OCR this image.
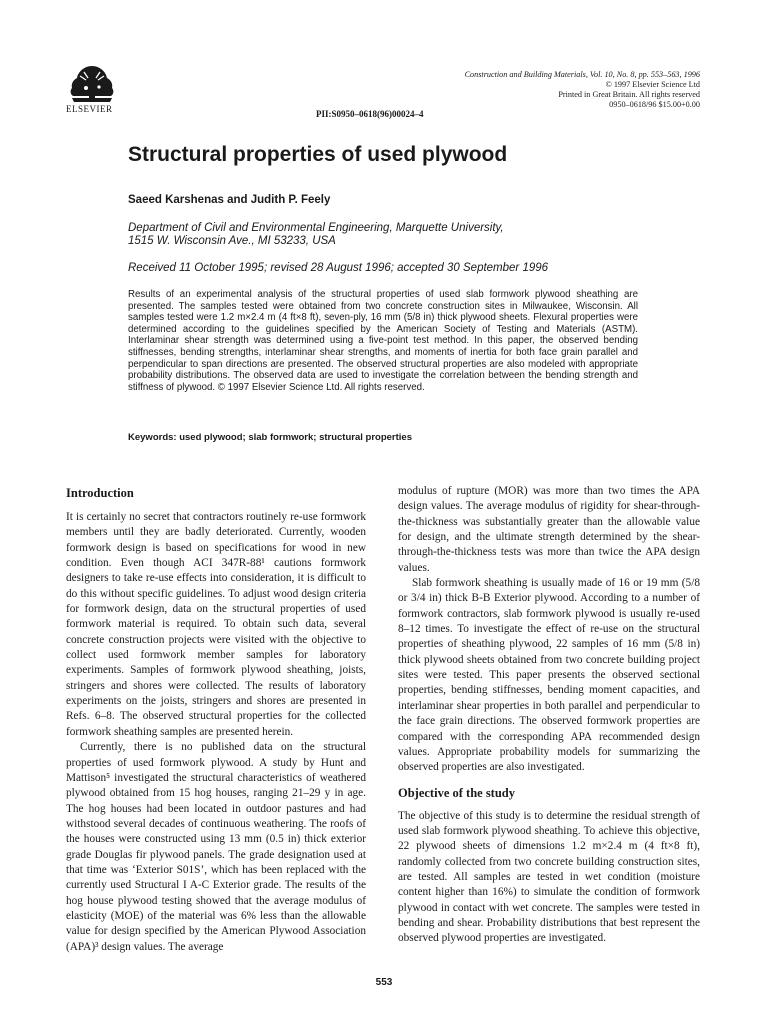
ELSEVIER
Construction and Building Materials, Vol. 10, No. 8, pp. 553–563, 1996
© 1997 Elsevier Science Ltd
Printed in Great Britain. All rights reserved
0950–0618/96 $15.00+0.00
PII:S0950–0618(96)00024–4
Structural properties of used plywood
Saeed Karshenas and Judith P. Feely
Department of Civil and Environmental Engineering, Marquette University,
1515 W. Wisconsin Ave., MI 53233, USA
Received 11 October 1995; revised 28 August 1996; accepted 30 September 1996

Results of an experimental analysis of the structural properties of used slab formwork plywood sheathing are presented. The samples tested were obtained from two concrete construction sites in Milwaukee, Wisconsin. All samples tested were 1.2 m×2.4 m (4 ft×8 ft), seven-ply, 16 mm (5/8 in) thick plywood sheets. Flexural properties were determined according to the guidelines specified by the American Society of Testing and Materials (ASTM). Interlaminar shear strength was determined using a five-point test method. In this paper, the observed bending stiffnesses, bending strengths, interlaminar shear strengths, and moments of inertia for both face grain parallel and perpendicular to span directions are presented. The observed structural properties are also modeled with appropriate probability distributions. The observed data are used to investigate the correlation between the bending strength and stiffness of plywood. © 1997 Elsevier Science Ltd. All rights reserved.

Keywords: used plywood; slab formwork; structural properties
Introduction

It is certainly no secret that contractors routinely re-use formwork members until they are badly deteriorated. Currently, wooden formwork design is based on specifications for wood in new condition. Even though ACI 347R-88¹ cautions formwork designers to take re-use effects into consideration, it is difficult to do this without specific guidelines. To adjust wood design criteria for formwork design, data on the structural properties of used formwork material is required. To obtain such data, several concrete construction projects were visited with the objective to collect used formwork member samples for laboratory experiments. Samples of formwork plywood sheathing, joists, stringers and shores were collected. The results of laboratory experiments on the joists, stringers and shores are presented in Refs. 6–8. The observed structural properties for the collected formwork sheathing samples are presented herein.

Currently, there is no published data on the structural properties of used formwork plywood. A study by Hunt and Mattison⁵ investigated the structural characteristics of weathered plywood obtained from 15 hog houses, ranging 21–29 y in age. The hog houses had been located in outdoor pastures and had withstood several decades of continuous weathering. The roofs of the houses were constructed using 13 mm (0.5 in) thick exterior grade Douglas fir plywood panels. The grade designation used at that time was ‘Exterior S01S’, which has been replaced with the currently used Structural I A-C Exterior grade. The results of the hog house plywood testing showed that the average modulus of elasticity (MOE) of the material was 6% less than the allowable value for design specified by the American Plywood Association (APA)³ design values. The average

modulus of rupture (MOR) was more than two times the APA design values. The average modulus of rigidity for shear-through-the-thickness was substantially greater than the allowable value for design, and the ultimate strength determined by the shear-through-the-thickness tests was more than twice the APA design values.

Slab formwork sheathing is usually made of 16 or 19 mm (5/8 or 3/4 in) thick B-B Exterior plywood. According to a number of formwork contractors, slab formwork plywood is usually re-used 8–12 times. To investigate the effect of re-use on the structural properties of sheathing plywood, 22 samples of 16 mm (5/8 in) thick plywood sheets obtained from two concrete building project sites were tested. This paper presents the observed sectional properties, bending stiffnesses, bending moment capacities, and interlaminar shear properties in both parallel and perpendicular to the face grain directions. The observed formwork properties are compared with the corresponding APA recommended design values. Appropriate probability models for summarizing the observed properties are also investigated.

Objective of the study

The objective of this study is to determine the residual strength of used slab formwork plywood sheathing. To achieve this objective, 22 plywood sheets of dimensions 1.2 m×2.4 m (4 ft×8 ft), randomly collected from two concrete building construction sites, are tested. All samples are tested in wet condition (moisture content higher than 16%) to simulate the condition of formwork plywood in contact with wet concrete. The samples were tested in bending and shear. Probability distributions that best represent the observed plywood properties are investigated.

553
